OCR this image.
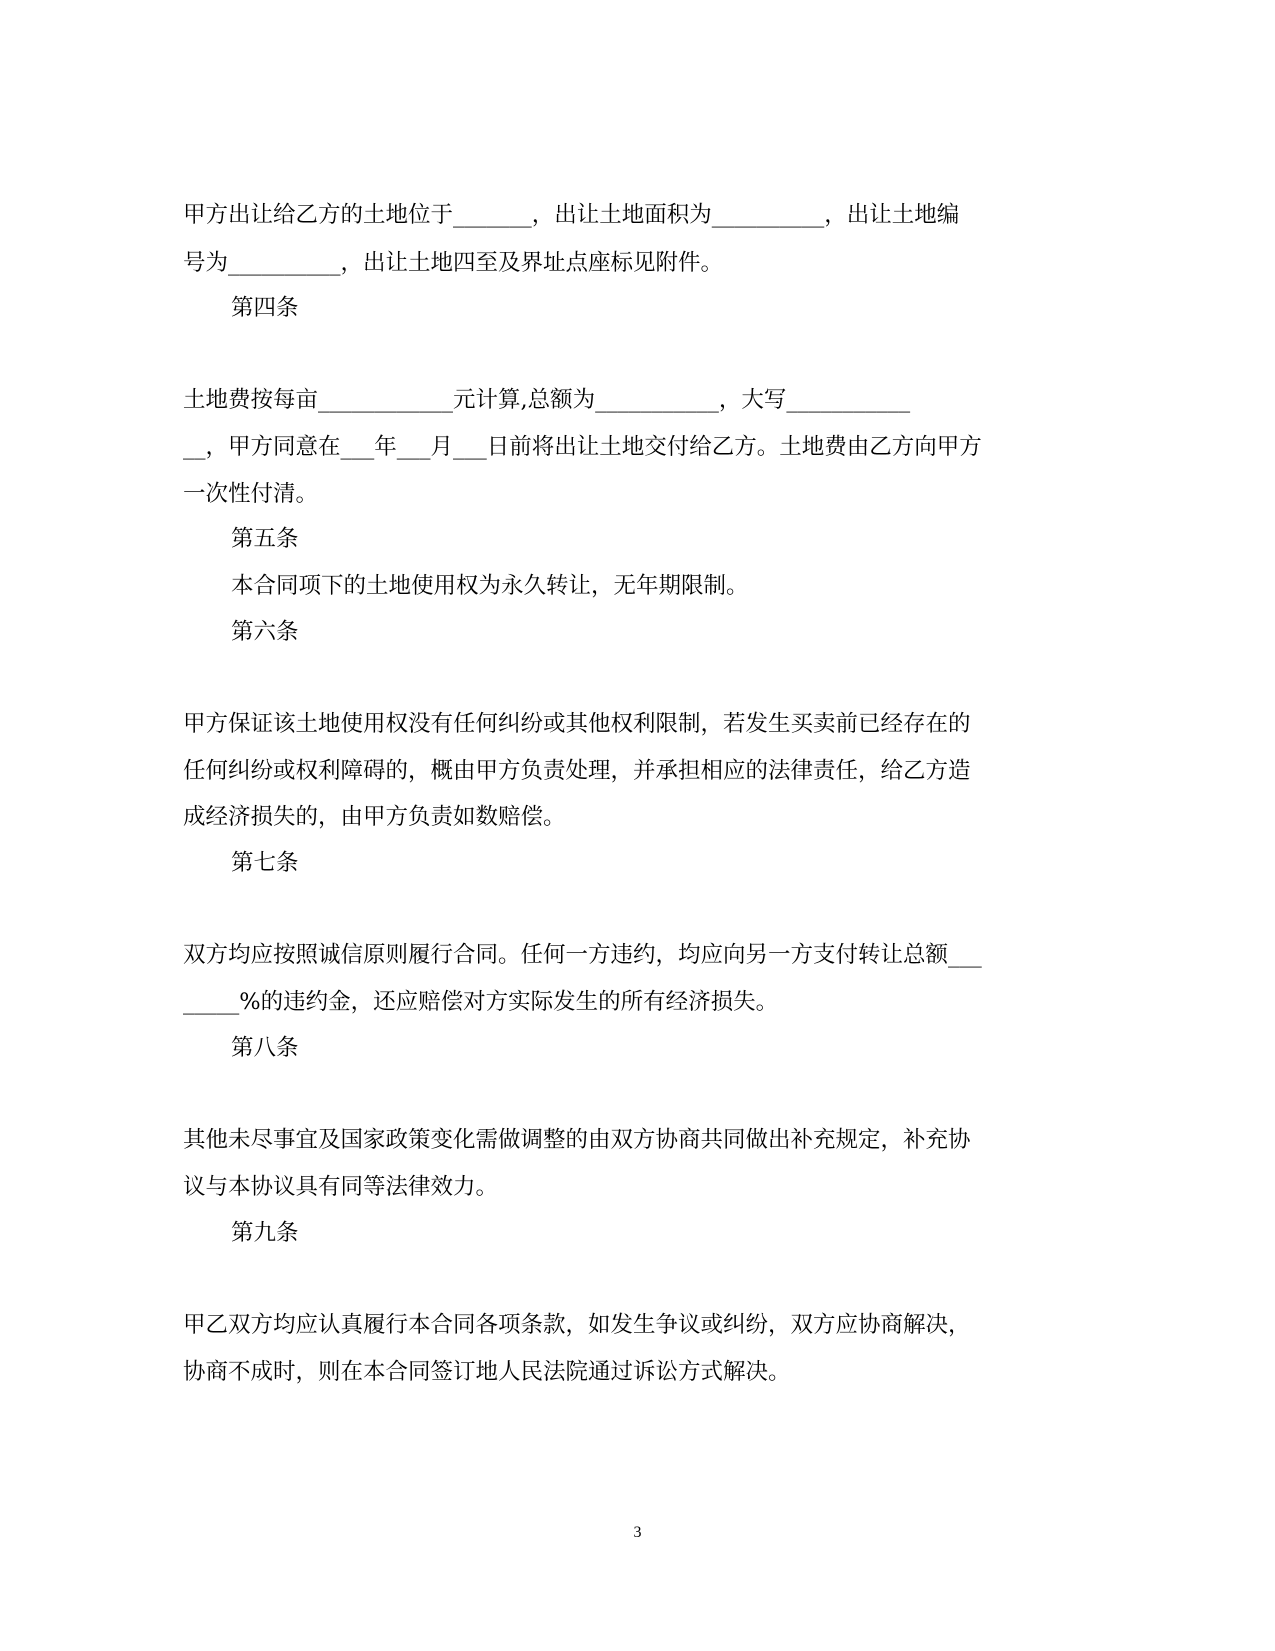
甲方出让给乙方的土地位于_______，出让土地面积为__________，出让土地编
号为__________，出让土地四至及界址点座标见附件。
第四条
土地费按每亩____________元计算,总额为___________，大写___________
__，甲方同意在___年___月___日前将出让土地交付给乙方。土地费由乙方向甲方
一次性付清。
第五条
本合同项下的土地使用权为永久转让，无年期限制。
第六条
甲方保证该土地使用权没有任何纠纷或其他权利限制，若发生买卖前已经存在的
任何纠纷或权利障碍的，概由甲方负责处理，并承担相应的法律责任，给乙方造
成经济损失的，由甲方负责如数赔偿。
第七条
双方均应按照诚信原则履行合同。任何一方违约，均应向另一方支付转让总额___
_____%的违约金，还应赔偿对方实际发生的所有经济损失。
第八条
其他未尽事宜及国家政策变化需做调整的由双方协商共同做出补充规定，补充协
议与本协议具有同等法律效力。
第九条
甲乙双方均应认真履行本合同各项条款，如发生争议或纠纷，双方应协商解决，
协商不成时，则在本合同签订地人民法院通过诉讼方式解决。
3
